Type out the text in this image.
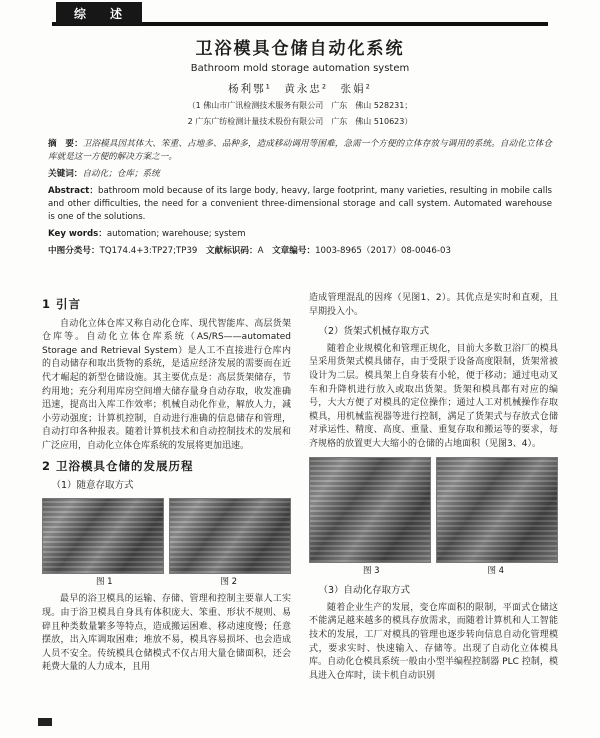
综　述
卫浴模具仓储自动化系统
Bathroom mold storage automation system
杨利鄂¹　黄永忠²　张娟²
（1 佛山市广讯检测技术服务有限公司　广东　佛山 528231；
2 广东广纺检测计量技术股份有限公司　广东　佛山 510623）

摘　要：卫浴模具因其体大、笨重、占地多、品种多，造成移动调用等困难，急需一个方便的立体存放与调用的系统。自动化立体仓库就是这一方便的解决方案之一。

关键词：自动化；仓库；系统

Abstract：bathroom mold because of its large body, heavy, large footprint, many varieties, resulting in mobile calls and other difficulties, the need for a convenient three-dimensional storage and call system. Automated warehouse is one of the solutions.

Key words：automation; warehouse; system

中图分类号：TQ174.4+3:TP27;TP39　 文献标识码：A　 文章编号：1003-8965（2017）08-0046-03

1 引言

自动化立体仓库又称自动化仓库、现代智能库、高层货架仓库等。自动化立体仓库系统（AS/RS——automated Storage and Retrieval System）是人工不直接进行仓库内的自动储存和取出货物的系统，是适应经济发展的需要而在近代才崛起的新型仓储设施。其主要优点是：高层货架储存，节约用地；充分利用库房空间增大储存量身自动存取，收发准确迅速，提高出入库工作效率；机械自动化作业，解放人力，减小劳动强度；计算机控制，自动进行准确的信息储存和管理，自动打印各种报表。随着计算机技术和自动控制技术的发展和广泛应用，自动化立体仓库系统的发展将更加迅速。

2 卫浴模具仓储的发展历程
（1）随意存取方式
图 1	图 2

最早的浴卫模具的运输、存储、管理和控制主要靠人工实现。由于浴卫模具自身具有体积庞大、笨重、形状不规则、易碎且种类数量繁多等特点，造成搬运困难、移动速度慢；任意摆放，出入库调取困难；堆放不易，模具容易损坏、也会造成人员不安全。传统模具仓储模式不仅占用大量仓储面积，还会耗费大量的人力成本，且用

造成管理混乱的因疼（见图1、2）。其优点是实时和直观，且早期投入小。

（2）货架式机械存取方式

随着企业规模化和管理正规化，目前大多数卫浴厂的模具呈采用货架式模具储存，由于受限于设备高度限制，货架常被设计为二层。模具架上自身装有小轮，便于移动；通过电动叉车和升降机进行放入或取出货架。货架和模具都有对应的编号，大大方便了对模具的定位操作；通过人工对机械操作存取模具，用机械监视器等进行控制，满足了货架式与存放式仓储对承运性、精度、高度、重量、重复存取和搬运等的要求，每齐规格的放置更大大缩小的仓储的占地面积（见图3、4）。

图 3	图 4
（3）自动化存取方式

随着企业生产的发展，变仓库面积的限制，平面式仓储这不能满足越来越多的模具存放需求，而随着计算机和人工智能技术的发展，工厂对模具的管理也逐步转向信息自动化管理模式，要求实时、快速输入、存储等。出现了自动化立体模具库。自动化仓模具系统一般由小型半编程控制器 PLC 控制，模具进入仓库时，读卡机自动识别
